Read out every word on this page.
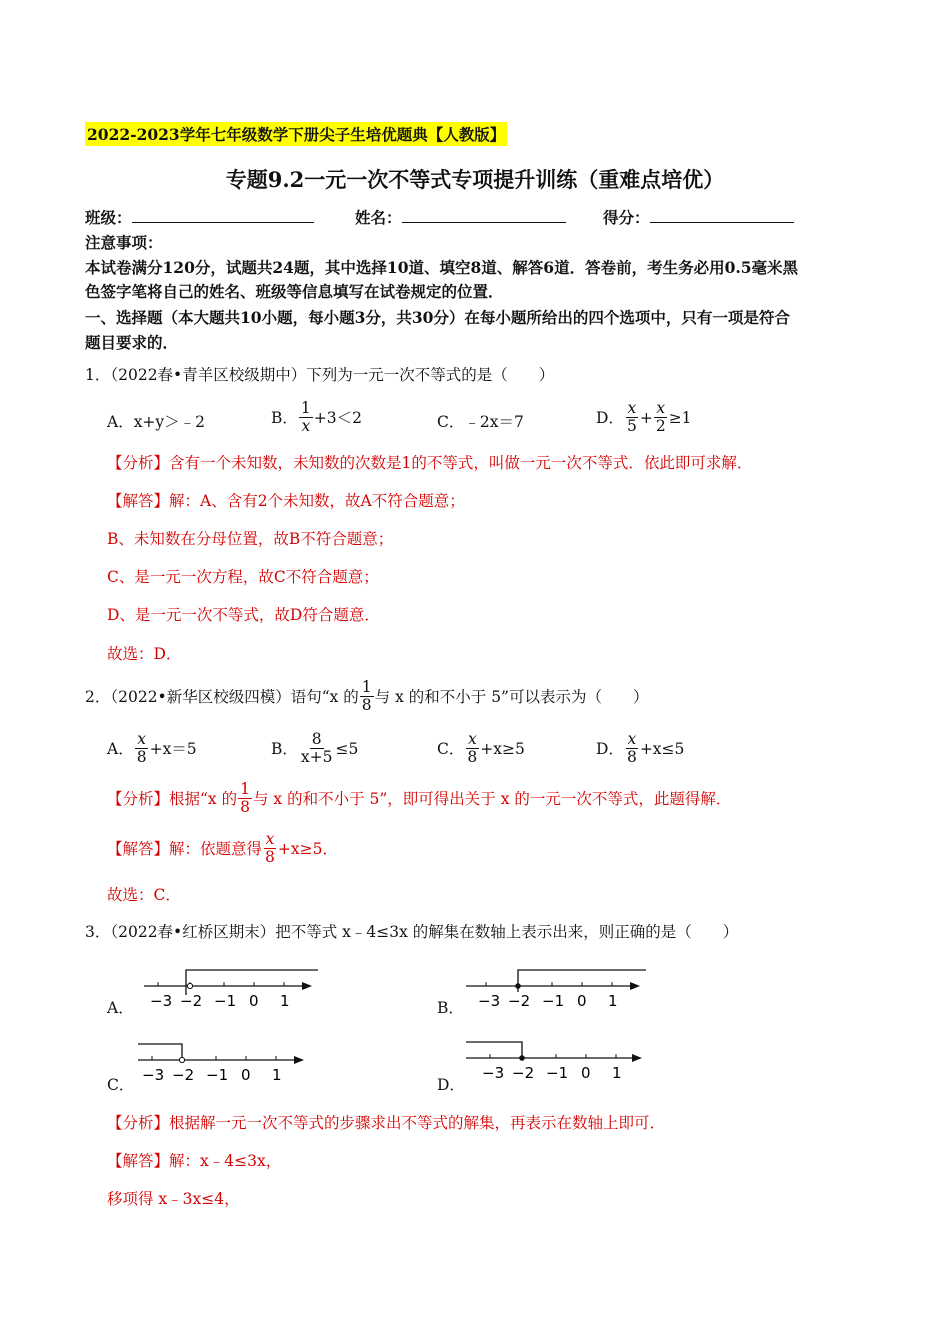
2022-2023学年七年级数学下册尖子生培优题典【人教版】
专题9.2一元一次不等式专项提升训练（重难点培优）
班级：	姓名：	得分：
注意事项：
本试卷满分120分，试题共24题，其中选择10道、填空8道、解答6道．答卷前，考生务必用0.5毫米黑
色签字笔将自己的姓名、班级等信息填写在试卷规定的位置．
一、选择题（本大题共10小题，每小题3分，共30分）在每小题所给出的四个选项中，只有一项是符合
题目要求的．
1．（2022春•青羊区校级期中）下列为一元一次不等式的是（　　）
A．x+y＞﹣2	B． $\frac{1}{x} +3<2$	C．﹣2x＝7	D． $\frac{x}{5} + \frac{x}{2} \ge 1$
【分析】含有一个未知数，未知数的次数是1的不等式，叫做一元一次不等式．依此即可求解．
【解答】解：A、含有2个未知数，故A不符合题意；
B、未知数在分母位置，故B不符合题意；
C、是一元一次方程，故C不符合题意；
D、是一元一次不等式，故D符合题意．
故选：D．
2．（2022•新华区校级四模）语句“x 的 $\frac{1}{8}$ 与 x 的和不小于 5”可以表示为（　　）
A． $\frac{x}{8} +x=5$	B． $\frac{8}{x+5} \le 5$	C． $\frac{x}{8} +x\ge 5$	D． $\frac{x}{8} +x\le 5$
【分析】根据“x 的 $\frac{1}{8}$ 与 x 的和不小于 5”，即可得出关于 x 的一元一次不等式，此题得解．
【解答】解：依题意得 $\frac{x}{8} +x\ge 5$．
故选：C．
3．（2022春•红桥区期末）把不等式 x﹣4≤3x 的解集在数轴上表示出来，则正确的是（　　）
A． −3 −2 −1 0 1	B． −3 −2 −1 0 1
C．
−3 −2 −1 0 1
D．
−3 −2 −1 0 1
【分析】根据解一元一次不等式的步骤求出不等式的解集，再表示在数轴上即可．
【解答】解：x﹣4≤3x，
移项得 x﹣3x≤4，
